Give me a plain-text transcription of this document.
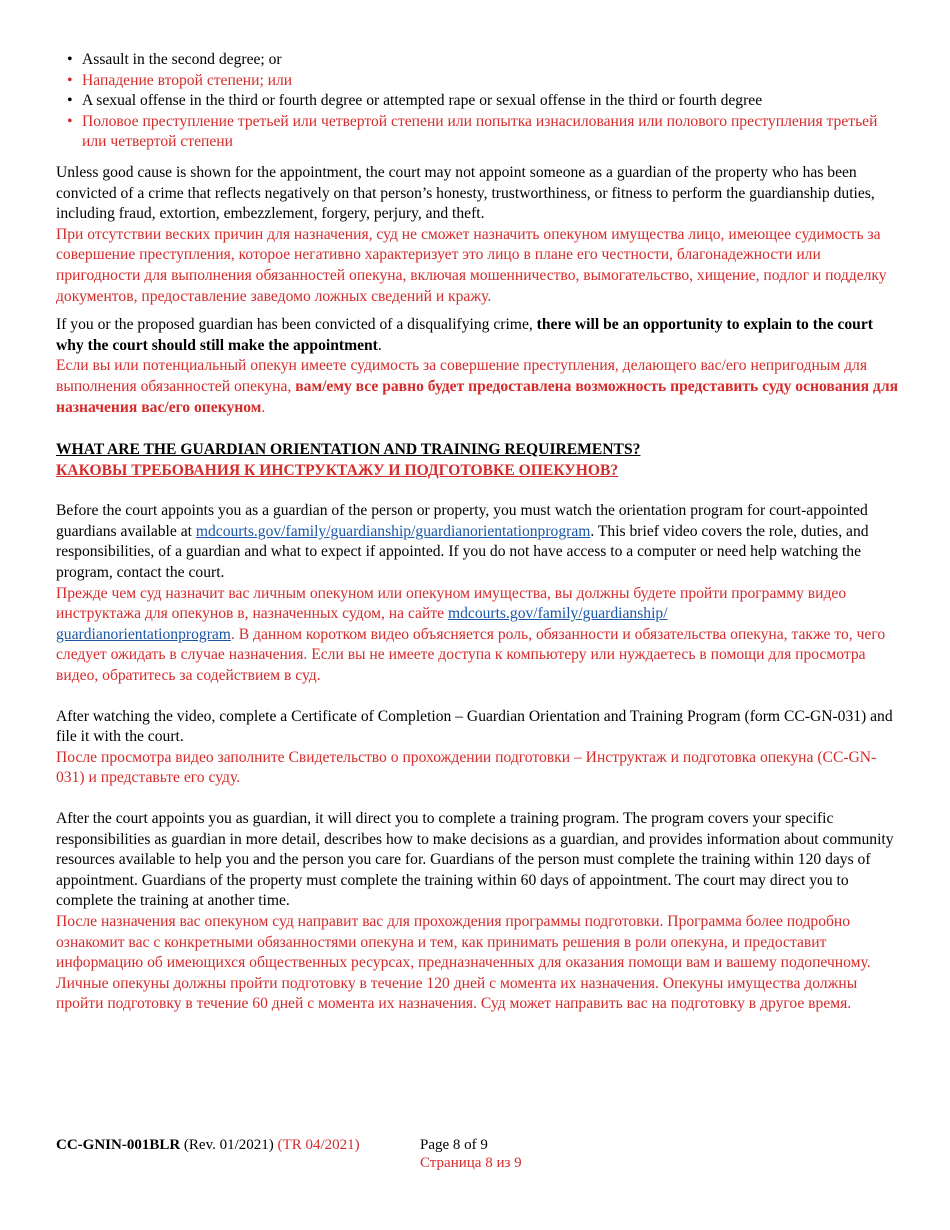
• Assault in the second degree; or
• Нападение второй степени; или
• A sexual offense in the third or fourth degree or attempted rape or sexual offense in the third or fourth degree
• Половое преступление третьей или четвертой степени или попытка изнасилования или полового преступления третьей или четвертой степени

Unless good cause is shown for the appointment, the court may not appoint someone as a guardian of the property who has been convicted of a crime that reflects negatively on that person’s honesty, trustworthiness, or fitness to perform the guardianship duties, including fraud, extortion, embezzlement, forgery, perjury, and theft.

При отсутствии веских причин для назначения, суд не сможет назначить опекуном имущества лицо, имеющее судимость за совершение преступления, которое негативно характеризует это лицо в плане его честности, благонадежности или пригодности для выполнения обязанностей опекуна, включая мошенничество, вымогательство, хищение, подлог и подделку документов, предоставление заведомо ложных сведений и кражу.

If you or the proposed guardian has been convicted of a disqualifying crime, there will be an opportunity to explain to the court why the court should still make the appointment.

Если вы или потенциальный опекун имеете судимость за совершение преступления, делающего вас/его непригодным для выполнения обязанностей опекуна, вам/ему все равно будет предоставлена возможность представить суду основания для назначения вас/его опекуном.

WHAT ARE THE GUARDIAN ORIENTATION AND TRAINING REQUIREMENTS?

КАКОВЫ ТРЕБОВАНИЯ К ИНСТРУКТАЖУ И ПОДГОТОВКЕ ОПЕКУНОВ?

Before the court appoints you as a guardian of the person or property, you must watch the orientation program for court-appointed guardians available at mdcourts.gov/family/guardianship/guardianorientationprogram. This brief video covers the role, duties, and responsibilities, of a guardian and what to expect if appointed. If you do not have access to a computer or need help watching the program, contact the court.

Прежде чем суд назначит вас личным опекуном или опекуном имущества, вы должны будете пройти программу видео инструктажа для опекунов в, назначенных судом, на сайте mdcourts.gov/family/guardianship/
guardianorientationprogram. В данном коротком видео объясняется роль, обязанности и обязательства опекуна, также то, чего следует ожидать в случае назначения. Если вы не имеете доступа к компьютеру или нуждаетесь в помощи для просмотра видео, обратитесь за содействием в суд.

After watching the video, complete a Certificate of Completion – Guardian Orientation and Training Program (form CC-GN-031) and file it with the court.

После просмотра видео заполните Свидетельство о прохождении подготовки – Инструктаж и подготовка опекуна (CC-GN-031) и представьте его суду.

After the court appoints you as guardian, it will direct you to complete a training program. The program covers your specific responsibilities as guardian in more detail, describes how to make decisions as a guardian, and provides information about community resources available to help you and the person you care for. Guardians of the person must complete the training within 120 days of appointment. Guardians of the property must complete the training within 60 days of appointment. The court may direct you to complete the training at another time.

После назначения вас опекуном суд направит вас для прохождения программы подготовки. Программа более подробно ознакомит вас с конкретными обязанностями опекуна и тем, как принимать решения в роли опекуна, и предоставит информацию об имеющихся общественных ресурсах, предназначенных для оказания помощи вам и вашему подопечному. Личные опекуны должны пройти подготовку в течение 120 дней с момента их назначения. Опекуны имущества должны пройти подготовку в течение 60 дней с момента их назначения. Суд может направить вас на подготовку в другое время.

CC-GNIN-001BLR (Rev. 01/2021) (TR 04/2021)	Page 8 of 9
Страница 8 из 9
